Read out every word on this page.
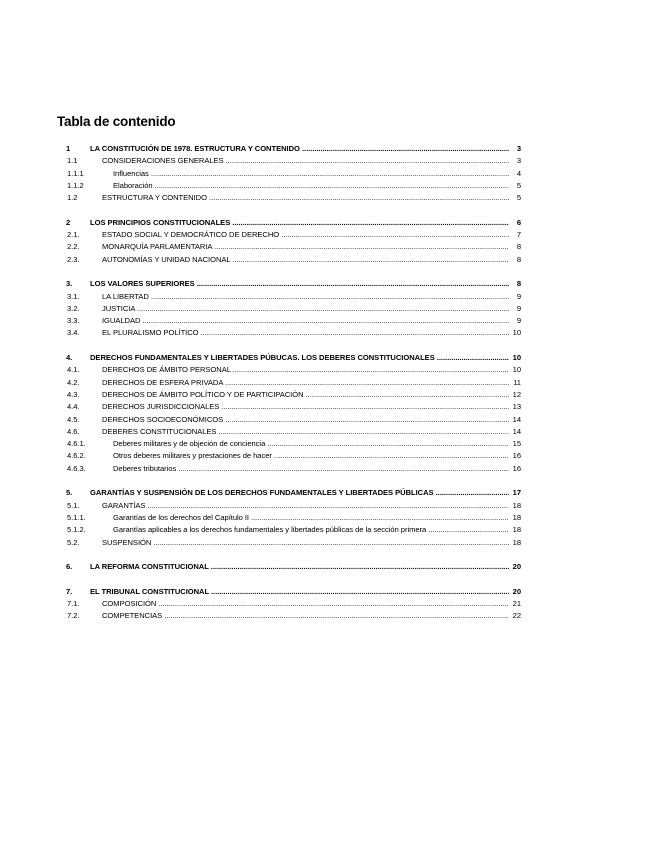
Tabla de contenido
1	LA CONSTITUCIÓN DE 1978. ESTRUCTURA Y CONTENIDO .....	3
1.1	CONSIDERACIONES GENERALES .....	3
1.1.1	Influencias .....	4
1.1.2	Elaboración .....	5
1.2	ESTRUCTURA Y CONTENIDO .....	5
2	LOS PRINCIPIOS CONSTITUCIONALES .....	6
2.1.	ESTADO SOCIAL Y DEMOCRÁTICO DE DERECHO .....	7
2.2.	MONARQUÍA PARLAMENTARIA .....	8
2.3.	AUTONOMÍAS Y UNIDAD NACIONAL .....	8
3. LOS VALORES SUPERIORES .....	8
3.1.	LA LIBERTAD .....	9
3.2.	JUSTICIA .....	9
3.3.	IGUALDAD .....	9
3.4.	EL PLURALISMO POLÍTICO .....	10
4. DERECHOS FUNDAMENTALES Y LIBERTADES PÚBUCAS. LOS DEBERES CONSTITUCIONALES .....	10
4.1.	DERECHOS DE ÁMBITO PERSONAL .....	10
4.2.	DERECHOS DE ESFERA PRIVADA .....	11
4.3.	DERECHOS DE ÁMBITO POLÍTICO Y DE PARTICIPACIÓN .....	12
4.4.	DERECHOS JURISDICCIONALES .....	13
4.5.	DERECHOS SOCIOECONÓMICOS .....	14
4.6.	DEBERES CONSTITUCIONALES .....	14
4.6.1.	Deberes militares y de objeción de conciencia .....	15
4.6.2.	Otros deberes militares y prestaciones de hacer .....	16
4.6.3.	Deberes tributarios .....	16
5. GARANTÍAS Y SUSPENSIÓN DE LOS DERECHOS FUNDAMENTALES Y LIBERTADES PÚBLICAS .....	17
5.1.	GARANTÍAS .....	18
5.1.1.	Garantías de los derechos del Capítulo II .....	18
5.1.2.	Garantías aplicables a los derechos fundamentales y libertades públicas de la sección primera .....	18
5.2.	SUSPENSIÓN .....	18
6. LA REFORMA CONSTITUCIONAL .....	20
7. EL TRIBUNAL CONSTITUCIONAL .....	20
7.1.	COMPOSICIÓN .....	21
7.2.	COMPETENCIAS .....	22
